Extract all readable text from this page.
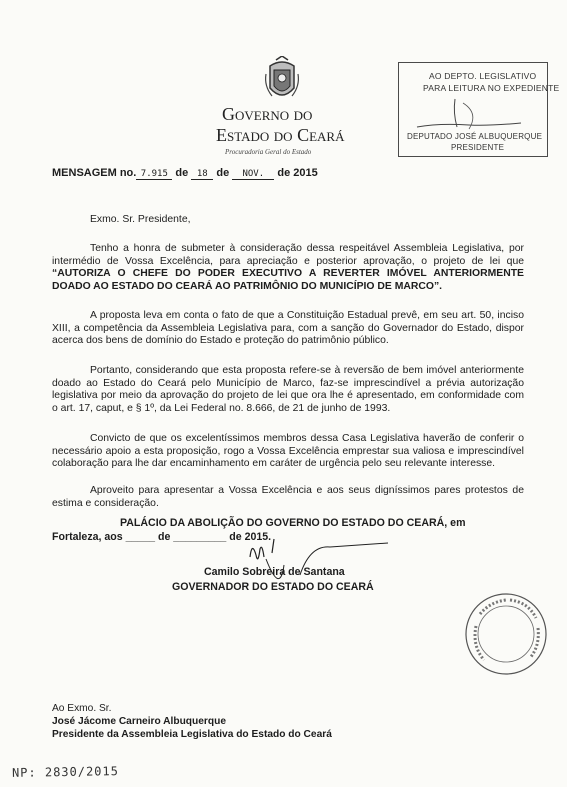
Governo do
Estado do Ceará
Procuradoria Geral do Estado
AO DEPTO. LEGISLATIVO
PARA LEITURA NO EXPEDIENTE
DEPUTADO JOSÉ ALBUQUERQUE
PRESIDENTE
MENSAGEM no. 7.915 de 18 de NOV. de 2015
Exmo. Sr. Presidente,
Tenho a honra de submeter à consideração dessa respeitável Assembleia Legislativa, por intermédio de Vossa Excelência, para apreciação e posterior aprovação, o projeto de lei que “AUTORIZA O CHEFE DO PODER EXECUTIVO A REVERTER IMÓVEL ANTERIORMENTE DOADO AO ESTADO DO CEARÁ AO PATRIMÔNIO DO MUNICÍPIO DE MARCO”.
A proposta leva em conta o fato de que a Constituição Estadual prevê, em seu art. 50, inciso XIII, a competência da Assembleia Legislativa para, com a sanção do Governador do Estado, dispor acerca dos bens de domínio do Estado e proteção do patrimônio público.
Portanto, considerando que esta proposta refere-se à reversão de bem imóvel anteriormente doado ao Estado do Ceará pelo Município de Marco, faz-se imprescindível a prévia autorização legislativa por meio da aprovação do projeto de lei que ora lhe é apresentado, em conformidade com o art. 17, caput, e § 1º, da Lei Federal no. 8.666, de 21 de junho de 1993.
Convicto de que os excelentíssimos membros dessa Casa Legislativa haverão de conferir o necessário apoio a esta proposição, rogo a Vossa Excelência emprestar sua valiosa e imprescindível colaboração para lhe dar encaminhamento em caráter de urgência pelo seu relevante interesse.
Aproveito para apresentar a Vossa Excelência e aos seus digníssimos pares protestos de estima e consideração.
PALÁCIO DA ABOLIÇÃO DO GOVERNO DO ESTADO DO CEARÁ, em
Fortaleza, aos _____ de _________ de 2015.
Camilo Sobreira de Santana
GOVERNADOR DO ESTADO DO CEARÁ
Ao Exmo. Sr.
José Jácome Carneiro Albuquerque
Presidente da Assembleia Legislativa do Estado do Ceará
NP: 2830/2015
